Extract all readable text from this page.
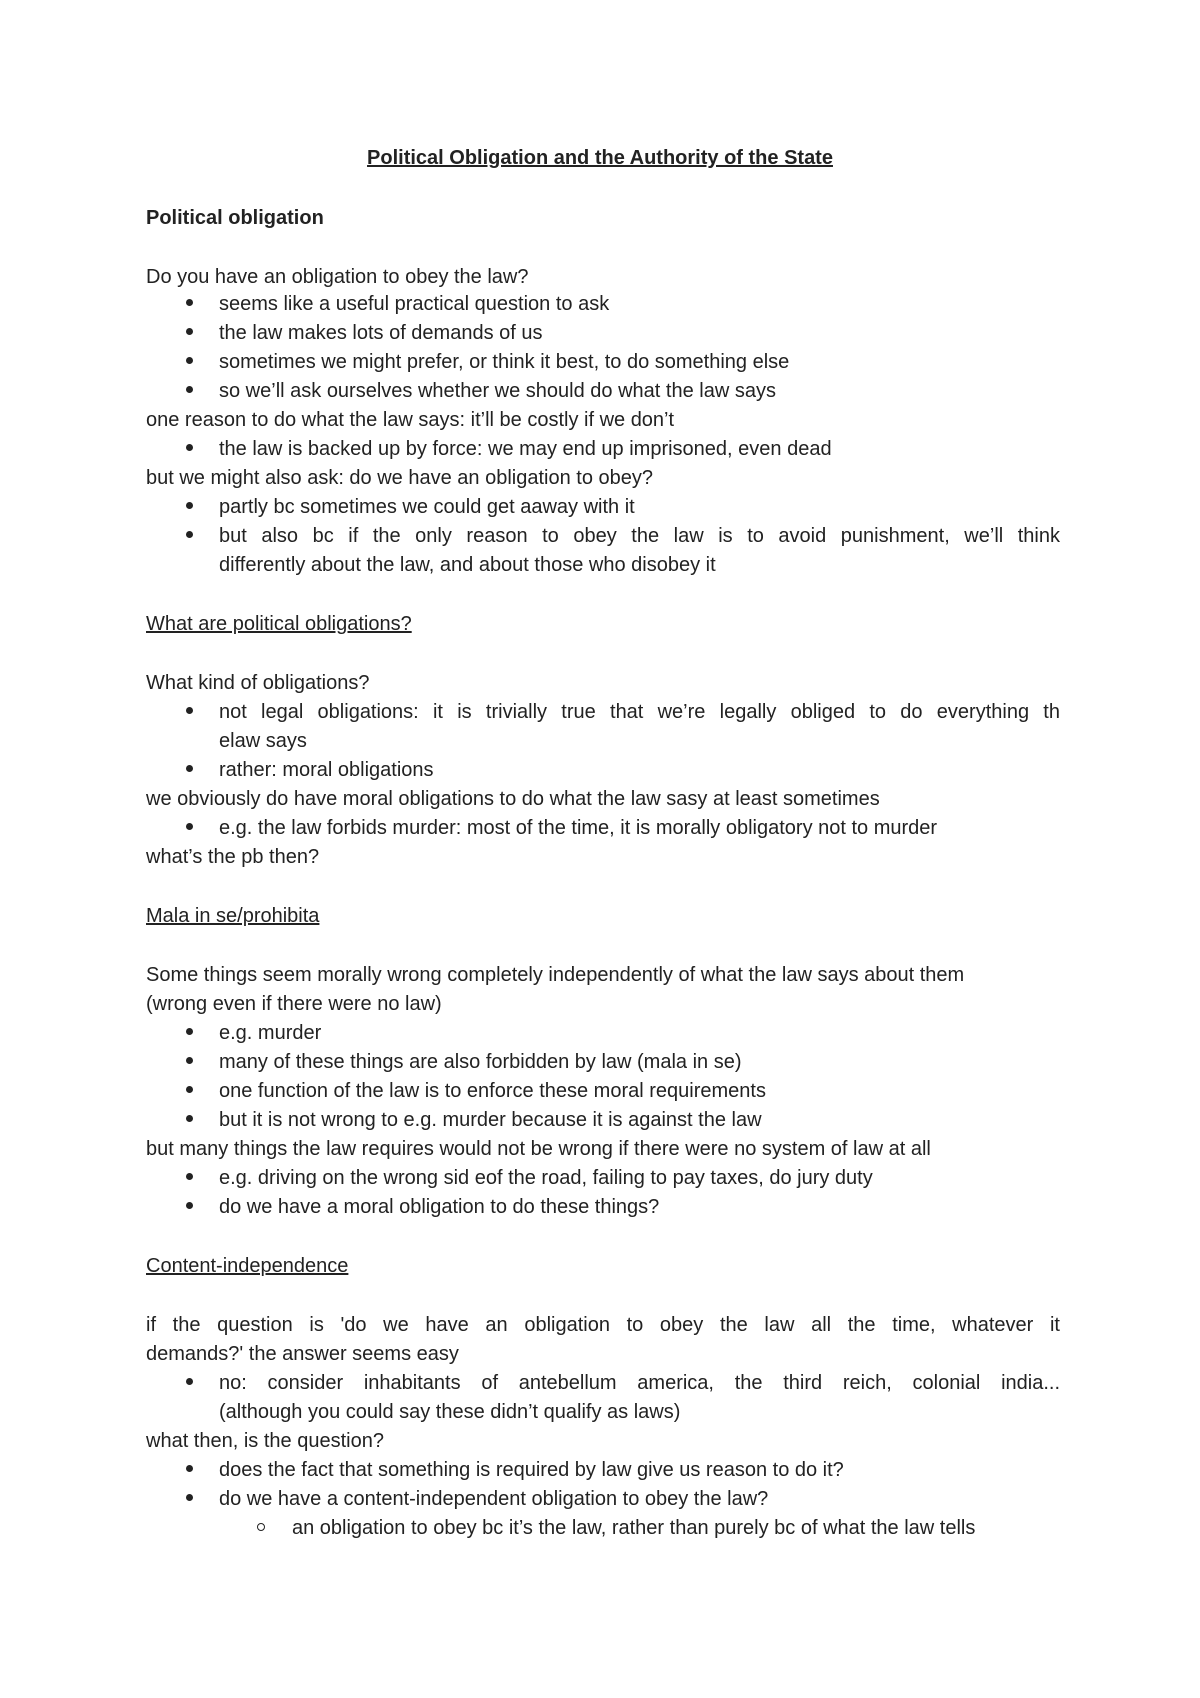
Political Obligation and the Authority of the State
Political obligation
Do you have an obligation to obey the law?
seems like a useful practical question to ask
the law makes lots of demands of us
sometimes we might prefer, or think it best, to do something else
so we’ll ask ourselves whether we should do what the law says
one reason to do what the law says: it’ll be costly if we don’t
the law is backed up by force: we may end up imprisoned, even dead
but we might also ask: do we have an obligation to obey?
partly bc sometimes we could get aaway with it
but also bc if the only reason to obey the law is to avoid punishment, we’ll think
differently about the law, and about those who disobey it
What are political obligations?
What kind of obligations?
not legal obligations: it is trivially true that we’re legally obliged to do everything th
elaw says
rather: moral obligations
we obviously do have moral obligations to do what the law sasy at least sometimes
e.g. the law forbids murder: most of the time, it is morally obligatory not to murder
what’s the pb then?
Mala in se/prohibita
Some things seem morally wrong completely independently of what the law says about them
(wrong even if there were no law)
e.g. murder
many of these things are also forbidden by law (mala in se)
one function of the law is to enforce these moral requirements
but it is not wrong to e.g. murder because it is against the law
but many things the law requires would not be wrong if there were no system of law at all
e.g. driving on the wrong sid eof the road, failing to pay taxes, do jury duty
do we have a moral obligation to do these things?
Content-independence
if the question is 'do we have an obligation to obey the law all the time, whatever it
demands?' the answer seems easy
no: consider inhabitants of antebellum america, the third reich, colonial india...
(although you could say these didn’t qualify as laws)
what then, is the question?
does the fact that something is required by law give us reason to do it?
do we have a content-independent obligation to obey the law?
an obligation to obey bc it’s the law, rather than purely bc of what the law tells
